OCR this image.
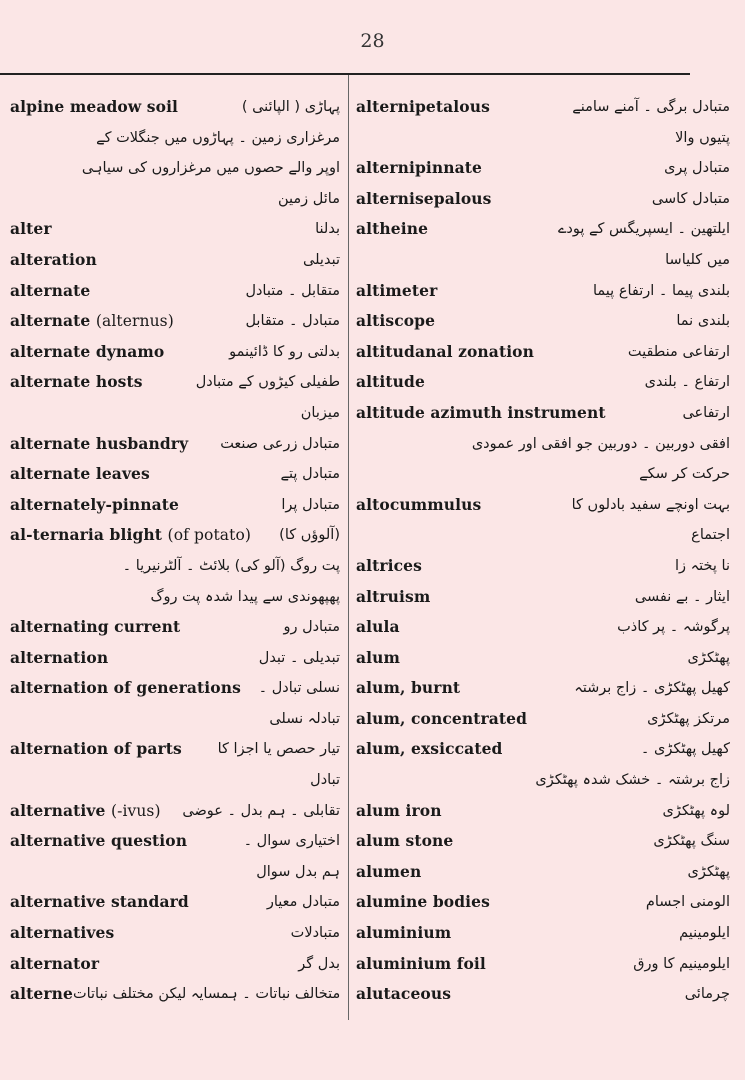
28
alpine meadow soil	پہاڑی ( الپائنی )
مرغزاری زمین ۔ پہاڑوں میں جنگلات کے
اوپر والے حصوں میں مرغزاروں کی سیاہی
مائل زمین
alter	بدلنا
alteration	تبدیلی
alternate	متقابل ۔ متبادل
alternate (alternus)	متبادل ۔ متقابل
alternate dynamo	بدلتی رو کا ڈائینمو
alternate hosts	طفیلی کیڑوں کے متبادل
میزبان
alternate husbandry متبادل زرعی صنعت
alternate leaves	متبادل پتے
alternately-pinnate	متبادل پرا
al-ternaria blight (of potato) (آلوؤں کا)
پت روگ (آلو کی) بلائٹ ۔ آلٹرنیریا ۔
پھپھوندی سے پیدا شدہ پت روگ
alternating current	متبادل رو
alternation	تبدیلی ۔ تبدل
alternation of generations نسلی تبادل ۔
تبادلہ نسلی
alternation of parts تیار حصص یا اجزا کا
تبادل
alternative (-ivus) تقابلی ۔ ہم بدل ۔ عوضی
alternative question	اختیاری سوال ۔
ہم بدل سوال
alternative standard	متبادل معیار
alternatives	متبادلات
alternator	بدل گر
alterne متخالف نباتات ۔ ہمسایہ لیکن مختلف نباتات
alternipetalous	متبادل برگی ۔ آمنے سامنے
پتیوں والا
alternipinnate	متبادل پری
alternisepalous	متبادل کاسی
altheine	ایلتھین ۔ ایسپریگس کے پودے
میں کلیاسا
altimeter	بلندی پیما ۔ ارتفاع پیما
altiscope	بلندی نما
altitudanal zonation	ارتفاعی منطقیت
altitude	ارتفاع ۔ بلندی
altitude azimuth instrument	ارتفاعی
افقی دوربین ۔ دوربین جو افقی اور عمودی
حرکت کر سکے
altocummulus	بہت اونچے سفید بادلوں کا
اجتماع
altrices	نا پختہ زا
altruism	ایثار ۔ بے نفسی
alula	پرگوشہ ۔ پر کاذب
alum	پھٹکڑی
alum, burnt	کھیل پھٹکڑی ۔ زاج برشتہ
alum, concentrated	مرتکز پھٹکڑی
alum, exsiccated	کھیل پھٹکڑی ۔
زاج برشتہ ۔ خشک شدہ پھٹکڑی
alum iron	لوہ پھٹکڑی
alum stone	سنگ پھٹکڑی
alumen	پھٹکڑی
alumine bodies	الومنی اجسام
aluminium	ایلومینیم
aluminium foil	ایلومینیم کا ورق
alutaceous	چرمائی
